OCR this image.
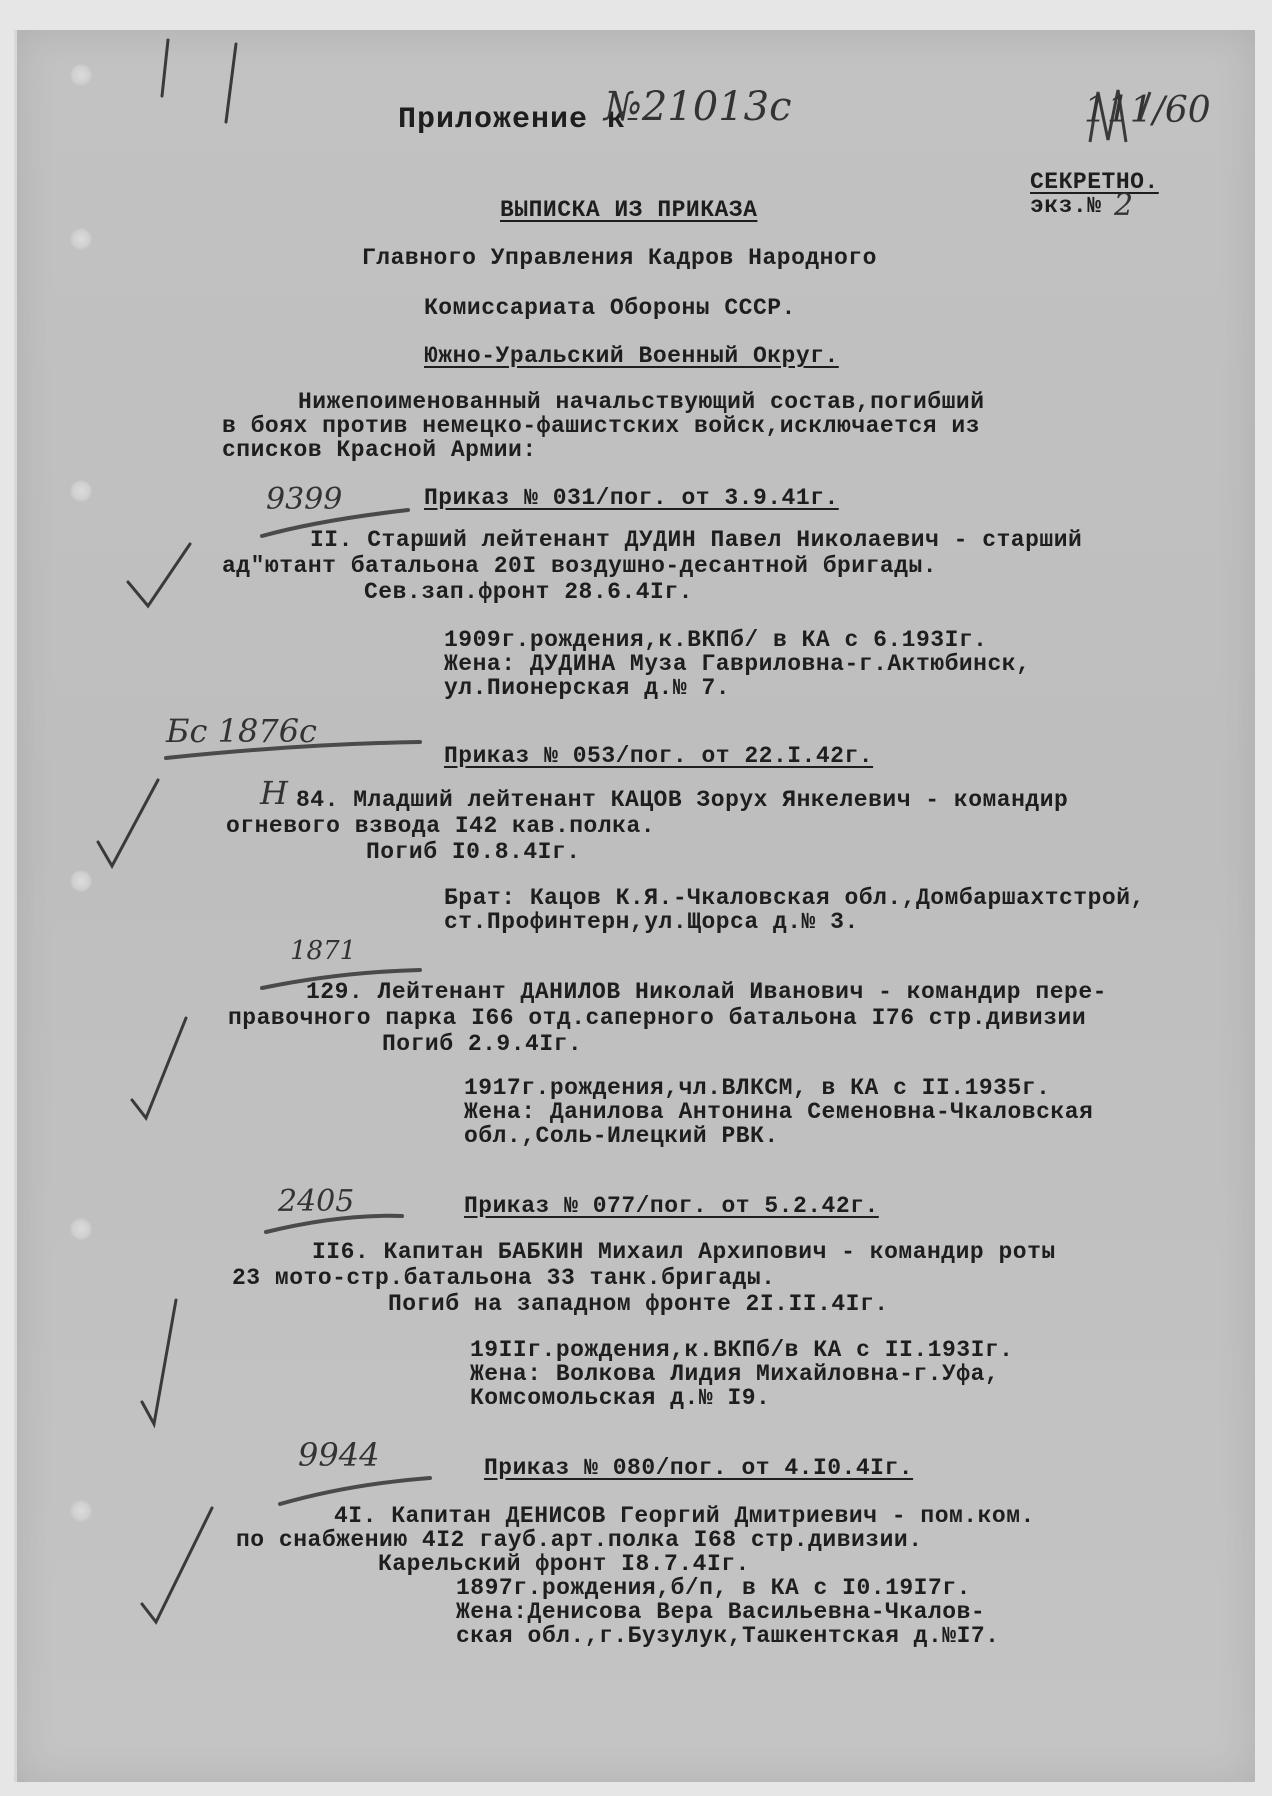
Приложение к
№21013с	111/60
СЕКРЕТНО.
экз.№ 2
ВЫПИСКА ИЗ ПРИКАЗА
Главного Управления Кадров Народного
Комиссариата Обороны СССР.
Южно-Уральский Военный Округ.
Нижепоименованный начальствующий состав,погибший
в боях против немецко-фашистских войск,исключается из
списков Красной Армии:
9399	Приказ № 031/пог. от 3.9.41г.
II. Старший лейтенант ДУДИН Павел Николаевич - старший
ад"ютант батальона 20I воздушно-десантной бригады.
Сев.зап.фронт 28.6.4Iг.
1909г.рождения,к.ВКПб/ в КА с 6.193Iг.
Жена: ДУДИНА Муза Гавриловна-г.Актюбинск,
ул.Пионерская д.№ 7.
Бс 1876с
Приказ № 053/пог. от 22.I.42г.
Н 84. Младший лейтенант КАЦОВ Зорух Янкелевич - командир
огневого взвода I42 кав.полка.
Погиб I0.8.4Iг.
Брат: Кацов К.Я.-Чкаловская обл.,Домбаршахтстрой,
ст.Профинтерн,ул.Щорса д.№ 3.
1871
129. Лейтенант ДАНИЛОВ Николай Иванович - командир пере-
правочного парка I66 отд.саперного батальона I76 стр.дивизии
Погиб 2.9.4Iг.
1917г.рождения,чл.ВЛКСМ, в КА с II.1935г.
Жена: Данилова Антонина Семеновна-Чкаловская
обл.,Соль-Илецкий РВК.
2405	Приказ № 077/пог. от 5.2.42г.
II6. Капитан БАБКИН Михаил Архипович - командир роты
23 мото-стр.батальона 33 танк.бригады.
Погиб на западном фронте 2I.II.4Iг.
19IIг.рождения,к.ВКПб/в КА с II.193Iг.
Жена: Волкова Лидия Михайловна-г.Уфа,
Комсомольская д.№ I9.
9944	Приказ № 080/пог. от 4.I0.4Iг.
4I. Капитан ДЕНИСОВ Георгий Дмитриевич - пом.ком.
по снабжению 4I2 гауб.арт.полка I68 стр.дивизии.
Карельский фронт I8.7.4Iг.
1897г.рождения,б/п, в КА с I0.19I7г.
Жена:Денисова Вера Васильевна-Чкалов-
ская обл.,г.Бузулук,Ташкентская д.№I7.
